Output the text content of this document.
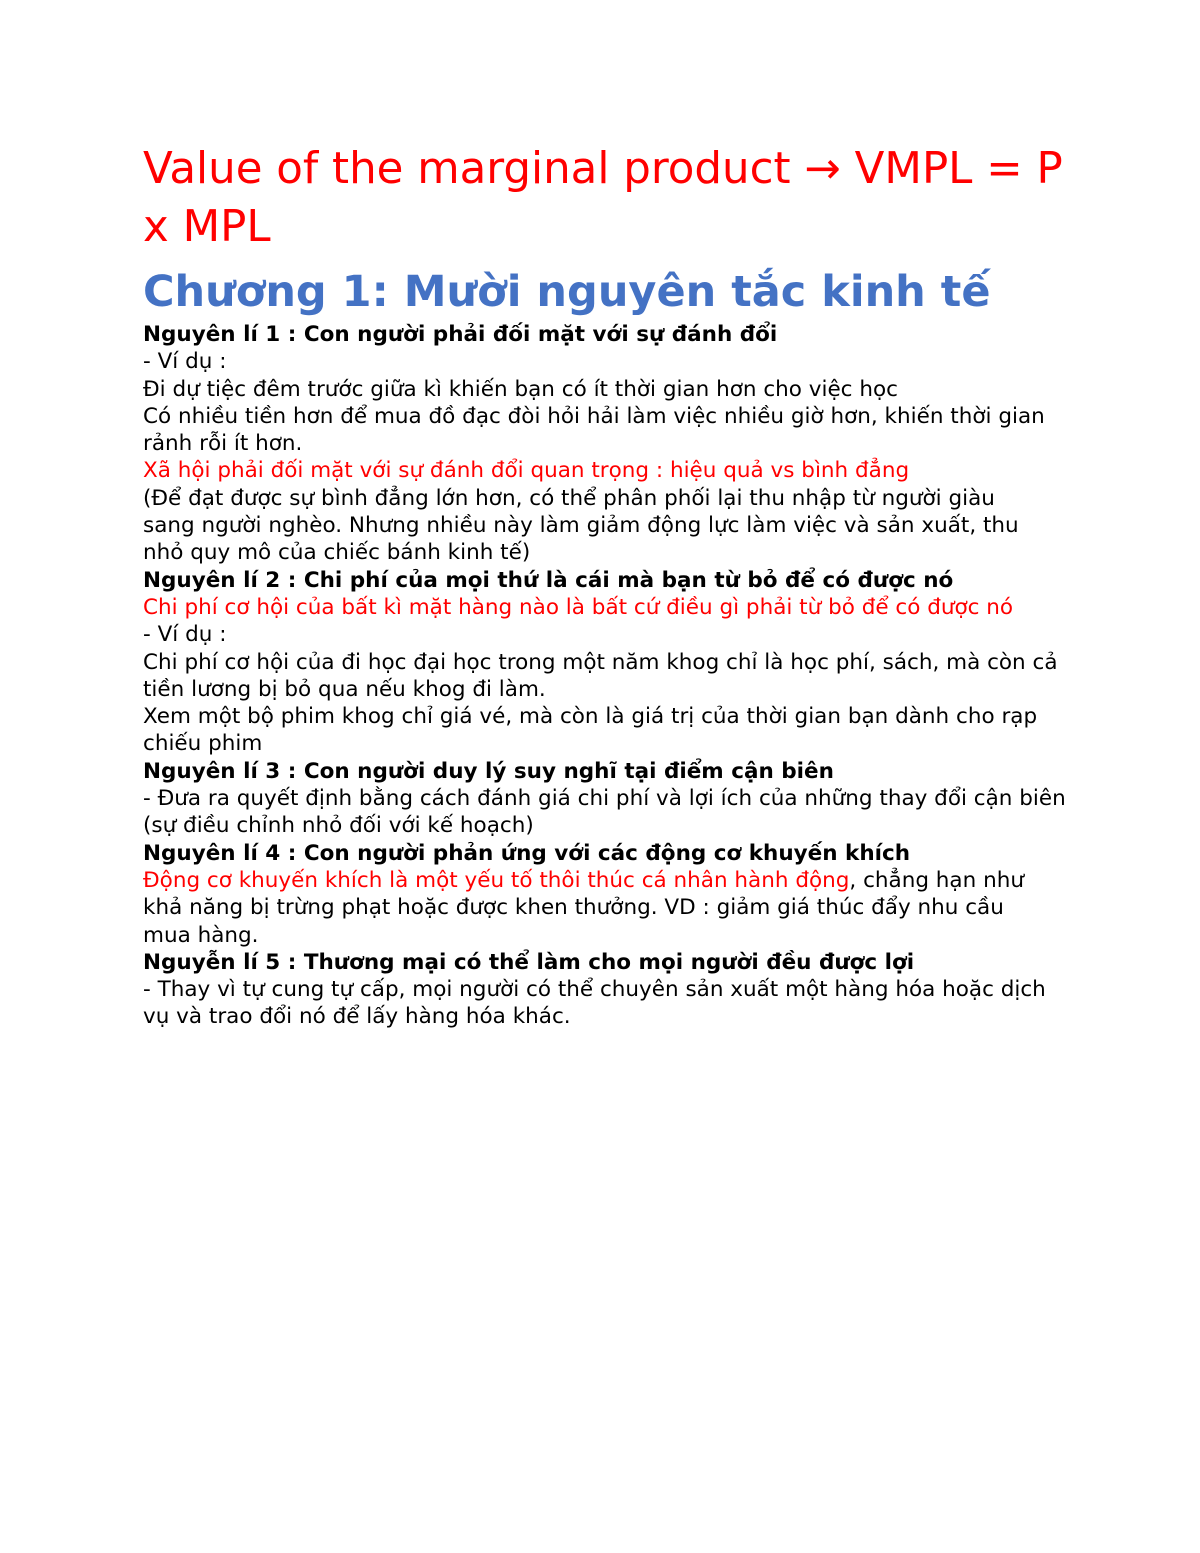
Value of the marginal product → VMPL = P x MPL
Chương 1: Mười nguyên tắc kinh tế

Nguyên lí 1 : Con người phải đối mặt với sự đánh đổi

- Ví dụ :

Đi dự tiệc đêm trước giữa kì khiến bạn có ít thời gian hơn cho việc học

Có nhiều tiền hơn để mua đồ đạc đòi hỏi hải làm việc nhiều giờ hơn, khiến thời gian

rảnh rỗi ít hơn.

Xã hội phải đối mặt với sự đánh đổi quan trọng : hiệu quả vs bình đẳng

(Để đạt được sự bình đẳng lớn hơn, có thể phân phối lại thu nhập từ người giàu

sang người nghèo. Nhưng nhiều này làm giảm động lực làm việc và sản xuất, thu

nhỏ quy mô của chiếc bánh kinh tế)

Nguyên lí 2 : Chi phí của mọi thứ là cái mà bạn từ bỏ để có được nó

Chi phí cơ hội của bất kì mặt hàng nào là bất cứ điều gì phải từ bỏ để có được nó

- Ví dụ :

Chi phí cơ hội của đi học đại học trong một năm khog chỉ là học phí, sách, mà còn cả

tiền lương bị bỏ qua nếu khog đi làm.

Xem một bộ phim khog chỉ giá vé, mà còn là giá trị của thời gian bạn dành cho rạp

chiếu phim

Nguyên lí 3 : Con người duy lý suy nghĩ tại điểm cận biên

- Đưa ra quyết định bằng cách đánh giá chi phí và lợi ích của những thay đổi cận biên

(sự điều chỉnh nhỏ đối với kế hoạch)

Nguyên lí 4 : Con người phản ứng với các động cơ khuyến khích

Động cơ khuyến khích là một yếu tố thôi thúc cá nhân hành động, chẳng hạn như

khả năng bị trừng phạt hoặc được khen thưởng. VD : giảm giá thúc đẩy nhu cầu

mua hàng.

Nguyễn lí 5 : Thương mại có thể làm cho mọi người đều được lợi

- Thay vì tự cung tự cấp, mọi người có thể chuyên sản xuất một hàng hóa hoặc dịch

vụ và trao đổi nó để lấy hàng hóa khác.
